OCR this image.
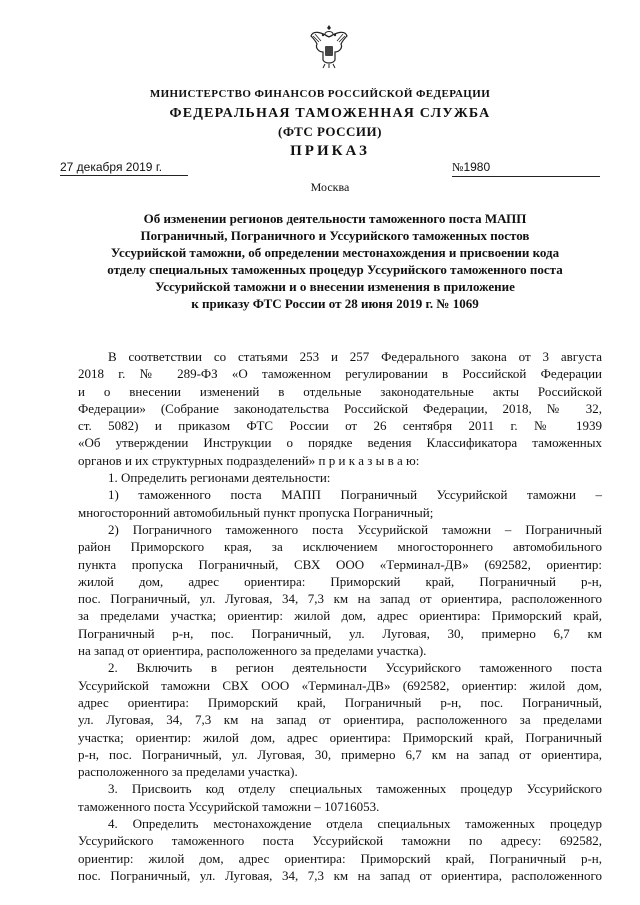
МИНИСТЕРСТВО ФИНАНСОВ РОССИЙСКОЙ ФЕДЕРАЦИИ
ФЕДЕРАЛЬНАЯ ТАМОЖЕННАЯ СЛУЖБА
(ФТС РОССИИ)
ПРИКАЗ
27 декабря 2019 г.	№1980
Москва
Об изменении регионов деятельности таможенного поста МАПП
Пограничный, Пограничного и Уссурийского таможенных постов
Уссурийской таможни, об определении местонахождения и присвоении кода
отделу специальных таможенных процедур Уссурийского таможенного поста
Уссурийской таможни и о внесении изменения в приложение
к приказу ФТС России от 28 июня 2019 г. № 1069
В соответствии со статьями 253 и 257 Федерального закона от 3 августа
2018 г. № 289-ФЗ «О таможенном регулировании в Российской Федерации
и о внесении изменений в отдельные законодательные акты Российской
Федерации» (Собрание законодательства Российской Федерации, 2018, № 32,
ст. 5082) и приказом ФТС России от 26 сентября 2011 г. № 1939
«Об утверждении Инструкции о порядке ведения Классификатора таможенных
органов и их структурных подразделений» п р и к а з ы в а ю:
1. Определить регионами деятельности:
1) таможенного поста МАПП Пограничный Уссурийской таможни –
многосторонний автомобильный пункт пропуска Пограничный;
2) Пограничного таможенного поста Уссурийской таможни – Пограничный
район Приморского края, за исключением многостороннего автомобильного
пункта пропуска Пограничный, СВХ ООО «Терминал-ДВ» (692582, ориентир:
жилой дом, адрес ориентира: Приморский край, Пограничный р-н,
пос. Пограничный, ул. Луговая, 34, 7,3 км на запад от ориентира, расположенного
за пределами участка; ориентир: жилой дом, адрес ориентира: Приморский край,
Пограничный р-н, пос. Пограничный, ул. Луговая, 30, примерно 6,7 км
на запад от ориентира, расположенного за пределами участка).
2. Включить в регион деятельности Уссурийского таможенного поста
Уссурийской таможни СВХ ООО «Терминал-ДВ» (692582, ориентир: жилой дом,
адрес ориентира: Приморский край, Пограничный р-н, пос. Пограничный,
ул. Луговая, 34, 7,3 км на запад от ориентира, расположенного за пределами
участка; ориентир: жилой дом, адрес ориентира: Приморский край, Пограничный
р-н, пос. Пограничный, ул. Луговая, 30, примерно 6,7 км на запад от ориентира,
расположенного за пределами участка).
3. Присвоить код отделу специальных таможенных процедур Уссурийского
таможенного поста Уссурийской таможни – 10716053.
4. Определить местонахождение отдела специальных таможенных процедур
Уссурийского таможенного поста Уссурийской таможни по адресу: 692582,
ориентир: жилой дом, адрес ориентира: Приморский край, Пограничный р-н,
пос. Пограничный, ул. Луговая, 34, 7,3 км на запад от ориентира, расположенного
